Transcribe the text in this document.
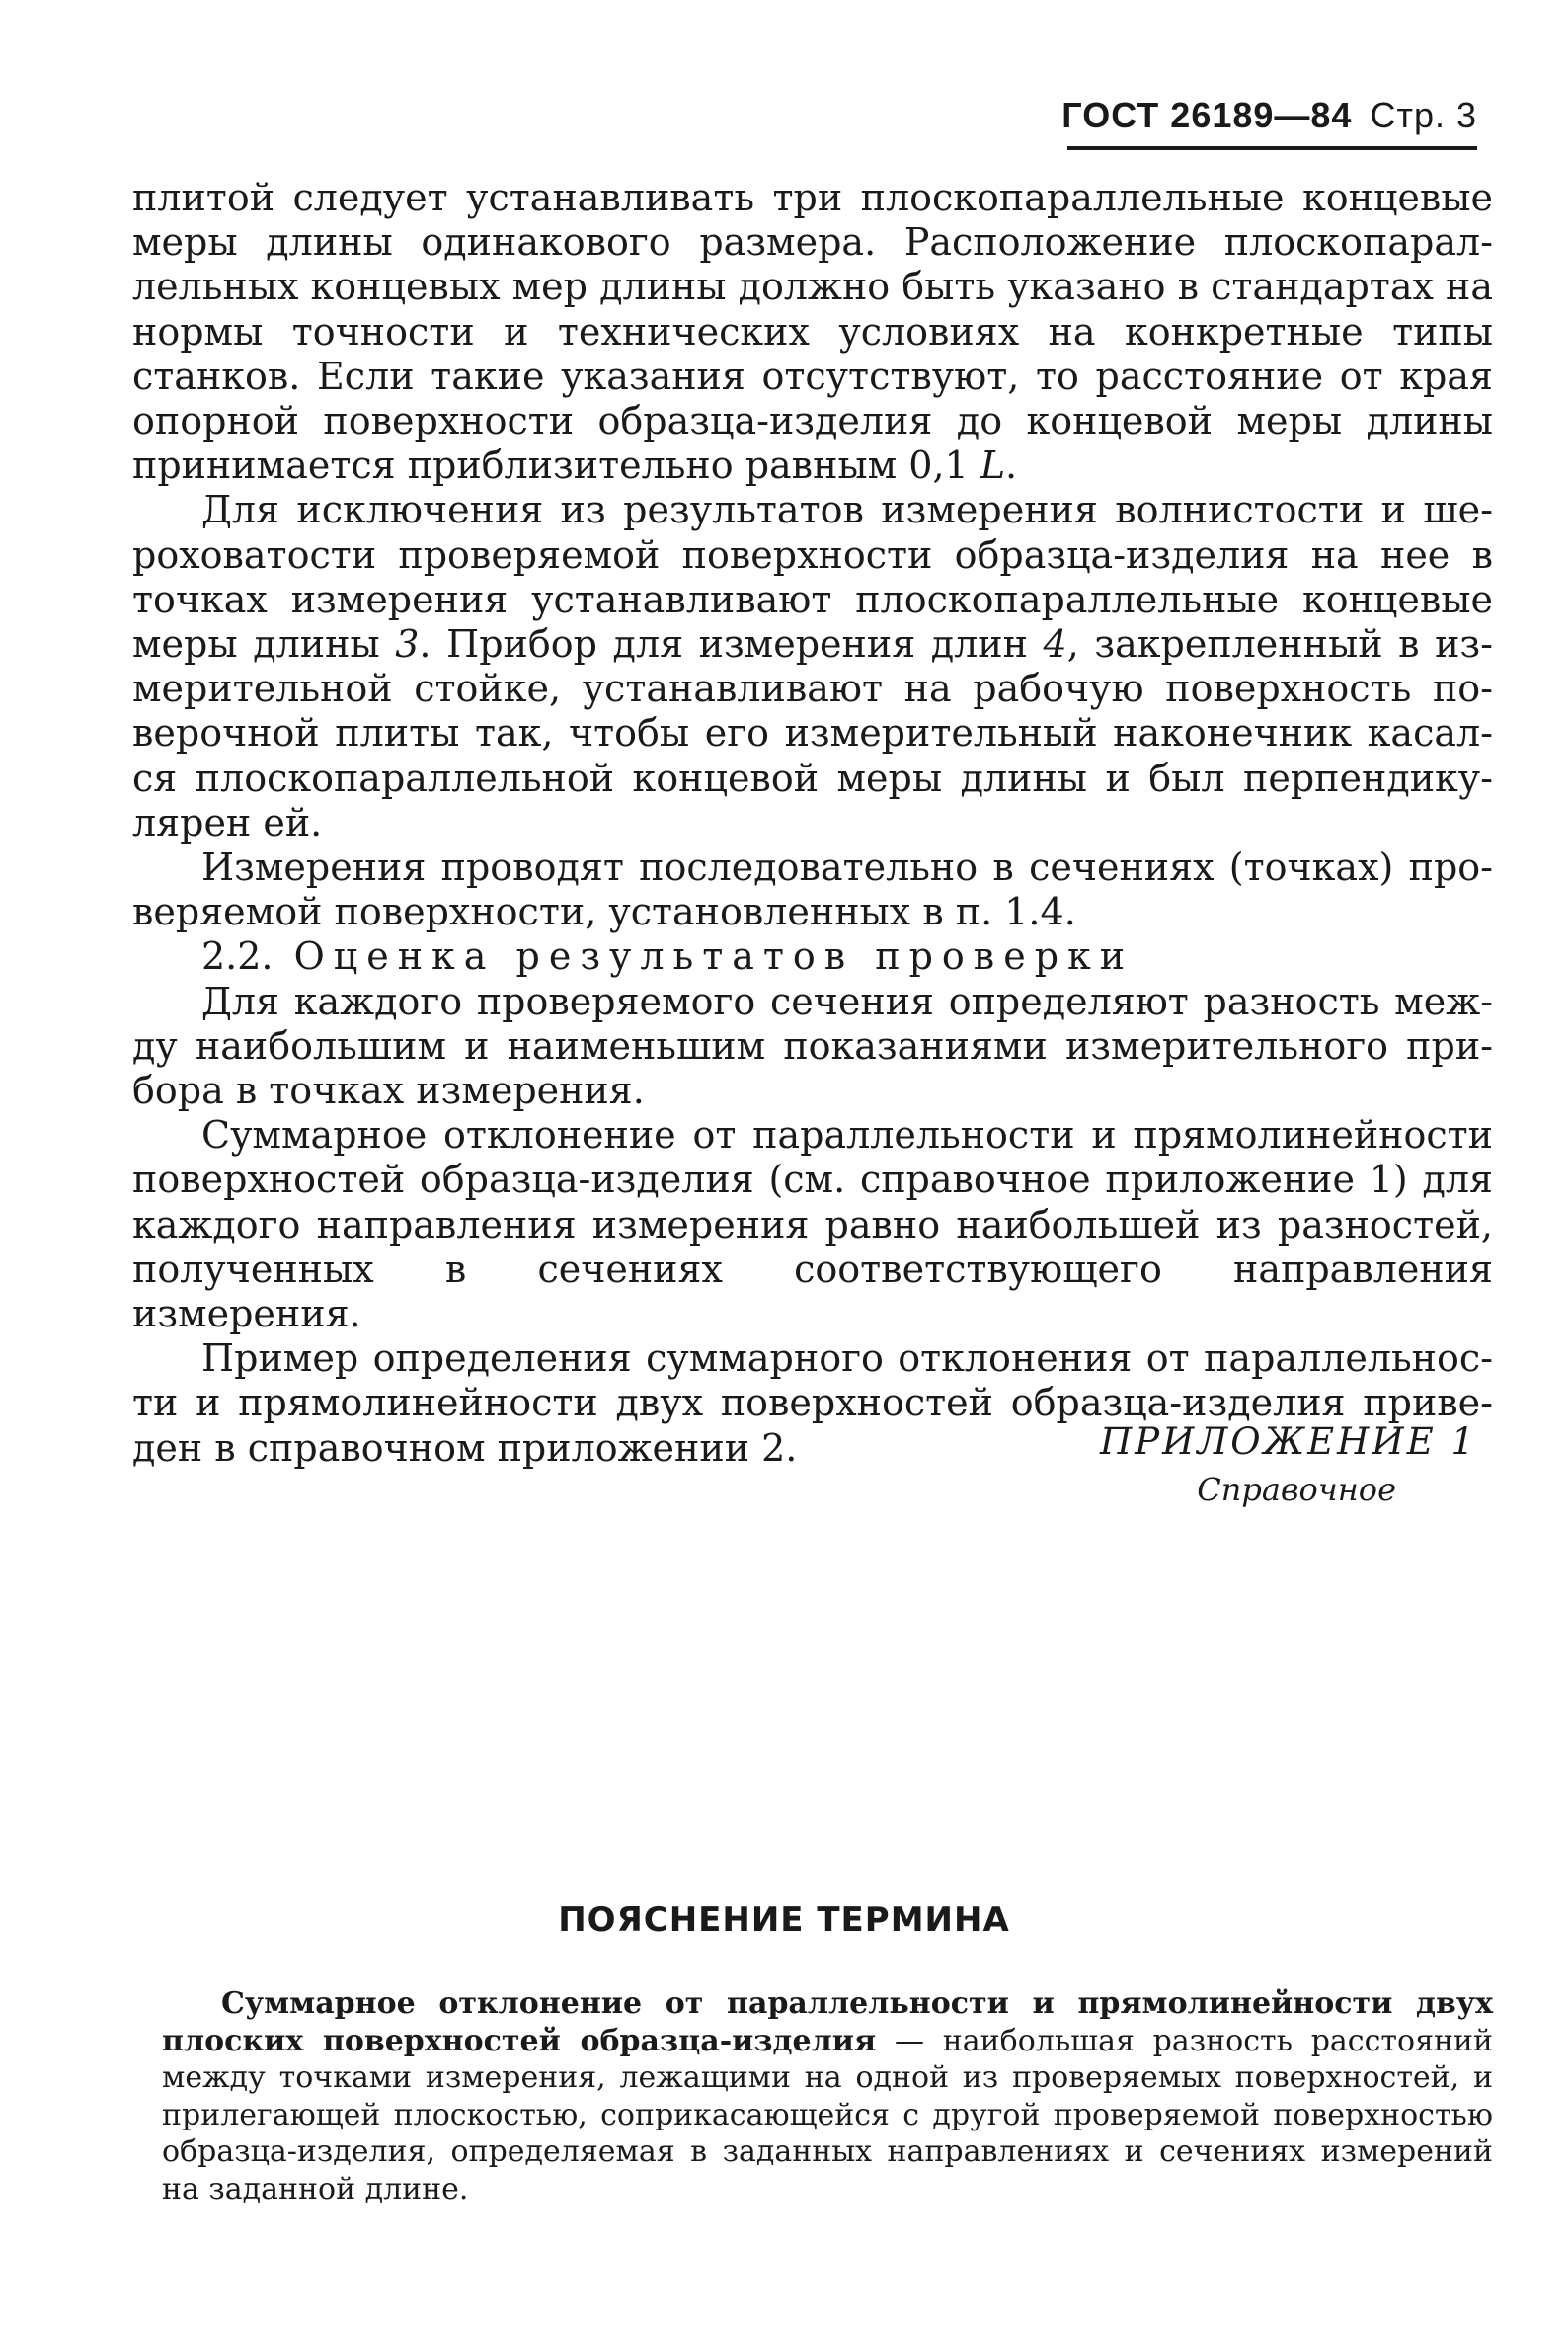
ГОСТ 26189—84 Стр. 3

плитой следует устанавливать три плоскопараллельные концевые меры длины одинакового размера. Расположение плоскопараллельных концевых мер длины должно быть указано в стандартах на нормы точности и технических условиях на конкретные типы станков. Если такие указания отсутствуют, то расстояние от края опорной поверхности образца-изделия до концевой меры длины принимается приблизительно равным 0,1 L.

Для исключения из результатов измерения волнистости и шероховатости проверяемой поверхности образца-изделия на нее в точках измерения устанавливают плоскопараллельные концевые меры длины 3. Прибор для измерения длин 4, закрепленный в измерительной стойке, устанавливают на рабочую поверхность поверочной плиты так, чтобы его измерительный наконечник касался плоскопараллельной концевой меры длины и был перпендикулярен ей.

Измерения проводят последовательно в сечениях (точках) проверяемой поверхности, установленных в п. 1.4.

2.2. Оценка результатов проверки

Для каждого проверяемого сечения определяют разность между наибольшим и наименьшим показаниями измерительного прибора в точках измерения.

Суммарное отклонение от параллельности и прямолинейности поверхностей образца-изделия (см. справочное приложение 1) для каждого направления измерения равно наибольшей из разностей, полученных в сечениях соответствующего направления измерения.

Пример определения суммарного отклонения от параллельности и прямолинейности двух поверхностей образца-изделия приведен в справочном приложении 2.	ПРИЛОЖЕНИЕ 1
Справочное
ПОЯСНЕНИЕ ТЕРМИНА

Суммарное отклонение от параллельности и прямолинейности двух плоских поверхностей образца-изделия — наибольшая разность расстояний между точками измерения, лежащими на одной из проверяемых поверхностей, и прилегающей плоскостью, соприкасающейся с другой проверяемой поверхностью образца-изделия, определяемая в заданных направлениях и сечениях измерений на заданной длине.
